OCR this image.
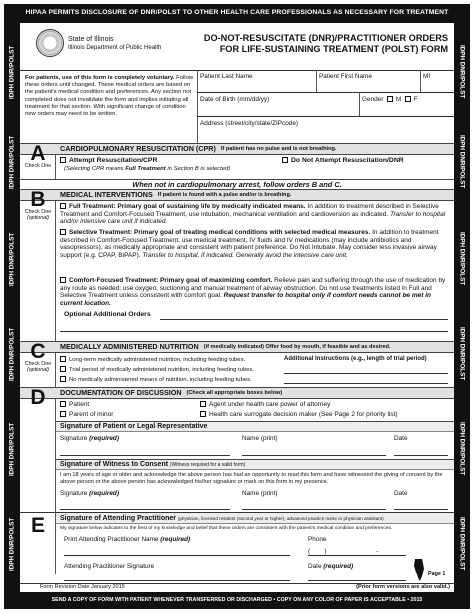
HIPAA PERMITS DISCLOSURE OF DNR/POLST TO OTHER HEALTH CARE PROFESSIONALS AS NECESSARY FOR TREATMENT
IDPH DNR/POLST
IDPH DNR/POLST
IDPH DNR/POLST
IDPH DNR/POLST
IDPH DNR/POLST
IDPH DNR/POLST
IDPH DNR/POLST
IDPH DNR/POLST
IDPH DNR/POLST
IDPH DNR/POLST
IDPH DNR/POLST
IDPH DNR/POLST
State of Illinois
Illinois Department of Public Health
DO-NOT-RESUSCITATE (DNR)/PRACTITIONER ORDERS
FOR LIFE-SUSTAINING TREATMENT (POLST) FORM
For patients, use of this form is completely voluntary. Follow these orders until changed. These medical orders are based on the patient's medical condition and preferences. Any section not completed does not invalidate the form and implies initiating all treatment for that section. With significant change of condition new orders may need to be written.
Patient Last Name	Patient First Name	MI
Date of Birth (mm/dd/yy)	Gender M F
Address (street/city/state/ZIPcode)
CARDIOPULMONARY RESUSCITATION (CPR) If patient has no pulse and is not breathing.
A
Check One
Attempt Resuscitation/CPR
(Selecting CPR means Full Treatment in Section B is selected)
Do Not Attempt Resuscitation/DNR
When not in cardiopulmonary arrest, follow orders B and C.
MEDICAL INTERVENTIONS If patient is found with a pulse and/or is breathing.
B
Check One
(optional)
Full Treatment: Primary goal of sustaining life by medically indicated means. In addition to treatment described in Selective Treatment and Comfort-Focused Treatment, use intubation, mechanical ventilation and cardioversion as indicated. Transfer to hospital and/or intensive care unit if indicated.
Selective Treatment: Primary goal of treating medical conditions with selected medical measures. In addition to treatment described in Comfort-Focused Treatment, use medical treatment, IV fluids and IV medications (may include antibiotics and vasopressors), as medically appropriate and consistent with patient preference. Do Not Intubate. May consider less invasive airway support (e.g. CPAP, BiPAP). Transfer to hospital, if indicated. Generally avoid the intensive care unit.
Comfort-Focused Treatment: Primary goal of maximizing comfort. Relieve pain and suffering through the use of medication by any route as needed; use oxygen, suctioning and manual treatment of airway obstruction. Do not use treatments listed in Full and Selective Treatment unless consistent with comfort goal. Request transfer to hospital only if comfort needs cannot be met in current location.
Optional Additional Orders
MEDICALLY ADMINISTERED NUTRITION (if medically indicated) Offer food by mouth, if feasible and as desired.
C
Check One
(optional)
Long-term medically administered nutrition, including feeding tubes.
Trial period of medically administered nutrition, including feeding tubes.
No medically administered means of nutrition, including feeding tubes.
Additional Instructions (e.g., length of trial period)
DOCUMENTATION OF DISCUSSION (Check all appropriate boxes below)
D	Patient
Parent of minor
Agent under health care power of attorney
Health care surrogate decision maker (See Page 2 for priority list)
Signature of Patient or Legal Representative
Signature (required)	Name (print)	Date
Signature of Witness to Consent (Witness required for a valid form)
I am 18 years of age or older and acknowledge the above person has had an opportunity to read this form and have witnessed the giving of consent by the above person or the above person has acknowledged his/her signature or mark on this form in my presence.
Signature (required)	Name (print)	Date
E	Signature of Attending Practitioner (physician, licensed resident (second year or higher), advanced practice nurse or physician assistant)
My signature below indicates to the best of my knowledge and belief that these orders are consistent with the patient's medical condition and preferences.
Print Attending Practitioner Name (required)	Phone
( )	-
Attending Practitioner Signature	Date (required)
Page 1
Form Revision Date January 2015	(Prior form versions are also valid.)
SEND A COPY OF FORM WITH PATIENT WHENEVER TRANSFERRED OR DISCHARGED • COPY ON ANY COLOR OF PAPER IS ACCEPTABLE • 2015
